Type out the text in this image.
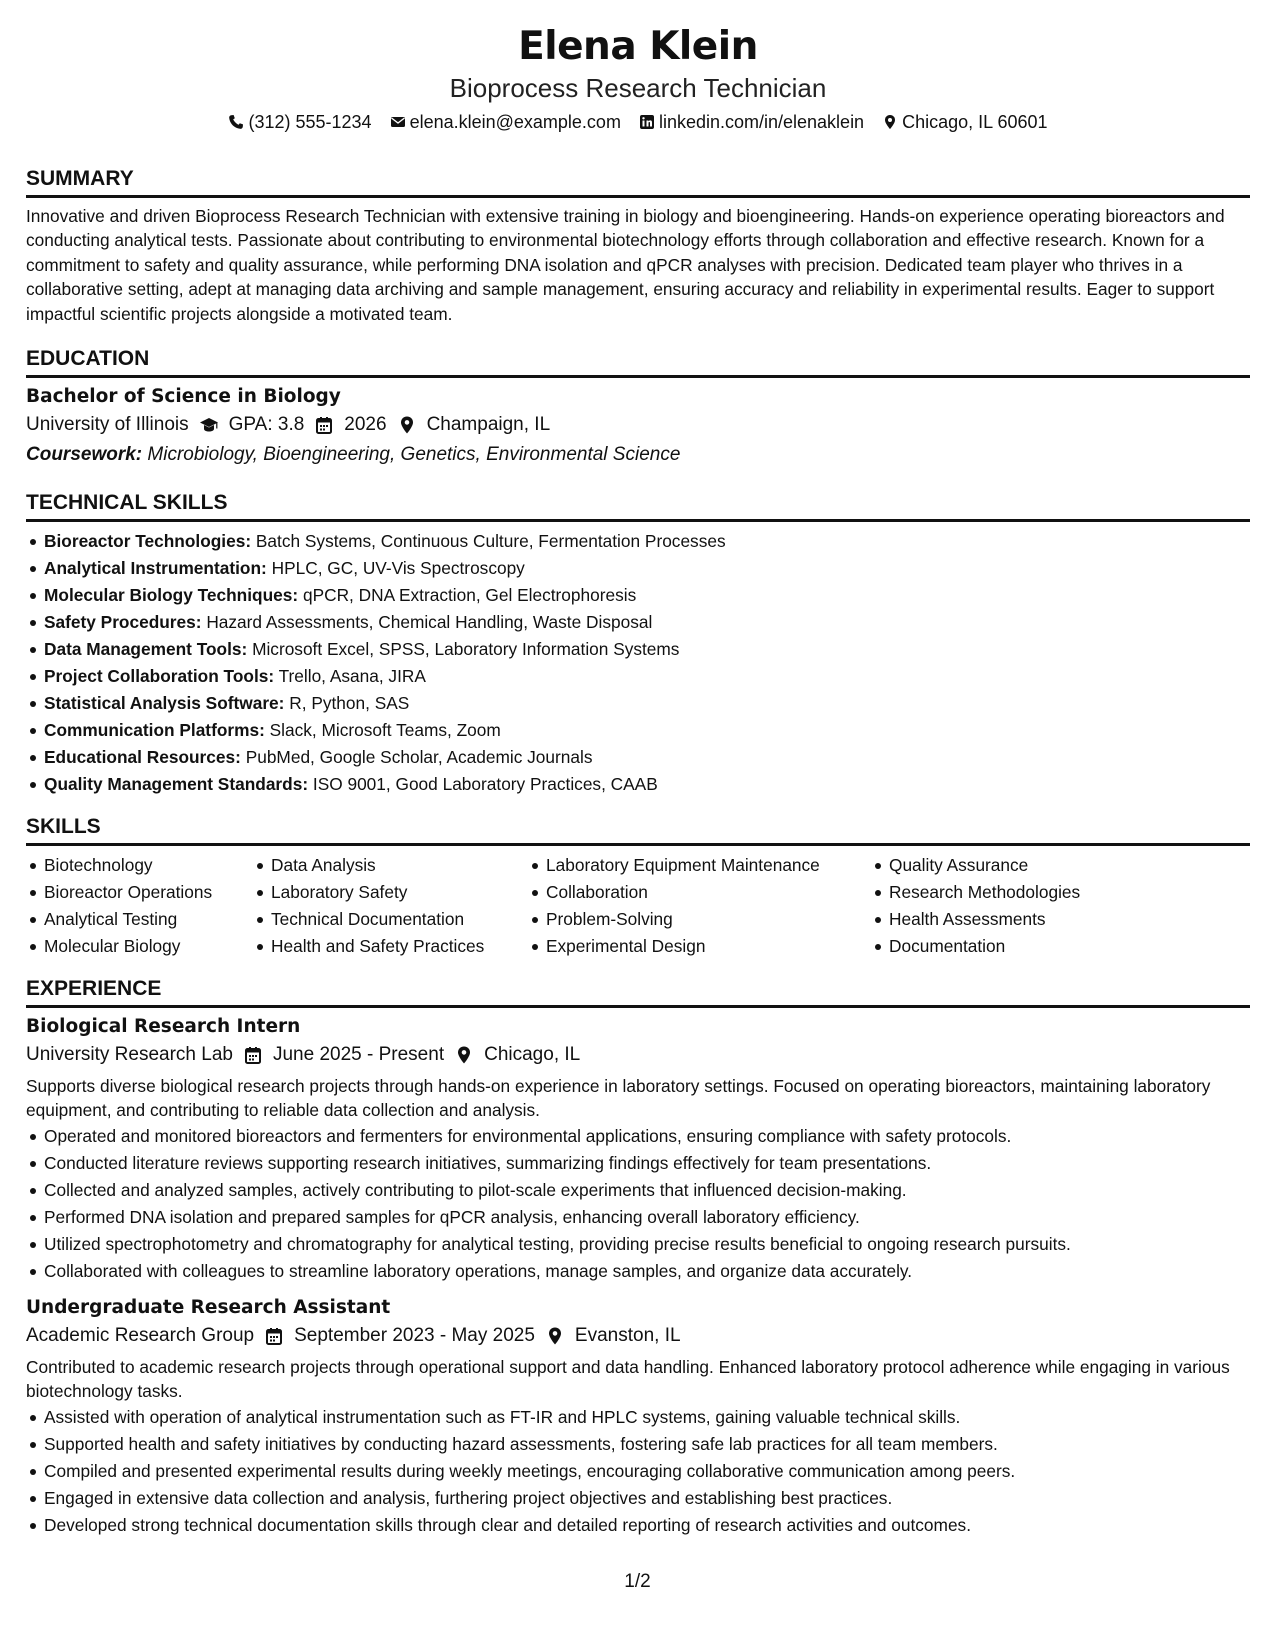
Elena Klein
Bioprocess Research Technician
(312) 555-1234 elena.klein@example.com linkedin.com/in/elenaklein Chicago, IL 60601
SUMMARY
Innovative and driven Bioprocess Research Technician with extensive training in biology and bioengineering. Hands-on experience operating bioreactors and conducting analytical tests. Passionate about contributing to environmental biotechnology efforts through collaboration and effective research. Known for a commitment to safety and quality assurance, while performing DNA isolation and qPCR analyses with precision. Dedicated team player who thrives in a collaborative setting, adept at managing data archiving and sample management, ensuring accuracy and reliability in experimental results. Eager to support impactful scientific projects alongside a motivated team.
EDUCATION
Bachelor of Science in Biology
University of Illinois GPA: 3.8 2026 Champaign, IL
Coursework: Microbiology, Bioengineering, Genetics, Environmental Science
TECHNICAL SKILLS
Bioreactor Technologies: Batch Systems, Continuous Culture, Fermentation Processes
Analytical Instrumentation: HPLC, GC, UV-Vis Spectroscopy
Molecular Biology Techniques: qPCR, DNA Extraction, Gel Electrophoresis
Safety Procedures: Hazard Assessments, Chemical Handling, Waste Disposal
Data Management Tools: Microsoft Excel, SPSS, Laboratory Information Systems
Project Collaboration Tools: Trello, Asana, JIRA
Statistical Analysis Software: R, Python, SAS
Communication Platforms: Slack, Microsoft Teams, Zoom
Educational Resources: PubMed, Google Scholar, Academic Journals
Quality Management Standards: ISO 9001, Good Laboratory Practices, CAAB
SKILLS
Biotechnology
Bioreactor Operations
Analytical Testing
Molecular Biology
Data Analysis
Laboratory Safety
Technical Documentation
Health and Safety Practices
Laboratory Equipment Maintenance
Collaboration
Problem-Solving
Experimental Design
Quality Assurance
Research Methodologies
Health Assessments
Documentation
EXPERIENCE
Biological Research Intern
University Research Lab June 2025 - Present Chicago, IL
Supports diverse biological research projects through hands-on experience in laboratory settings. Focused on operating bioreactors, maintaining laboratory equipment, and contributing to reliable data collection and analysis.
Operated and monitored bioreactors and fermenters for environmental applications, ensuring compliance with safety protocols.
Conducted literature reviews supporting research initiatives, summarizing findings effectively for team presentations.
Collected and analyzed samples, actively contributing to pilot-scale experiments that influenced decision-making.
Performed DNA isolation and prepared samples for qPCR analysis, enhancing overall laboratory efficiency.
Utilized spectrophotometry and chromatography for analytical testing, providing precise results beneficial to ongoing research pursuits.
Collaborated with colleagues to streamline laboratory operations, manage samples, and organize data accurately.
Undergraduate Research Assistant
Academic Research Group September 2023 - May 2025 Evanston, IL
Contributed to academic research projects through operational support and data handling. Enhanced laboratory protocol adherence while engaging in various biotechnology tasks.
Assisted with operation of analytical instrumentation such as FT-IR and HPLC systems, gaining valuable technical skills.
Supported health and safety initiatives by conducting hazard assessments, fostering safe lab practices for all team members.
Compiled and presented experimental results during weekly meetings, encouraging collaborative communication among peers.
Engaged in extensive data collection and analysis, furthering project objectives and establishing best practices.
Developed strong technical documentation skills through clear and detailed reporting of research activities and outcomes.
1/2
